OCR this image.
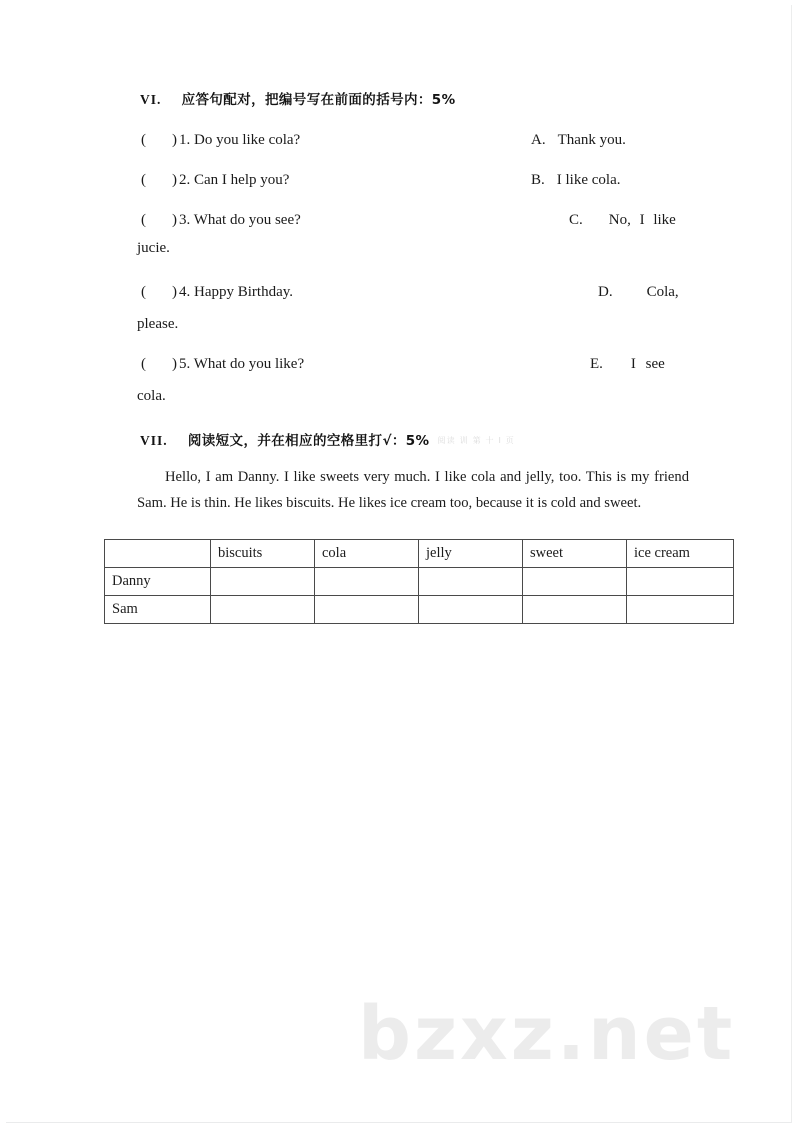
VI. 应答句配对，把编号写在前面的括号内：5%
( ) 1. Do you like cola?	A. Thank you.
( ) 2. Can I help you?	B. I like cola.
( ) 3. What do you see?	C. No, I like
jucie.
( ) 4. Happy Birthday.	D. Cola,
please.
( ) 5. What do you like?	E. I see
cola.
VII. 阅读短文，并在相应的空格里打√：5% 阅读 训 第 十 I 页
Hello, I am Danny. I like sweets very much. I like cola and jelly, too. This is my friend Sam. He is thin. He likes biscuits. He likes ice cream too, because it is cold and sweet.
	biscuits	cola	jelly	sweet	ice cream
Danny					
Sam					
bzxz.net
